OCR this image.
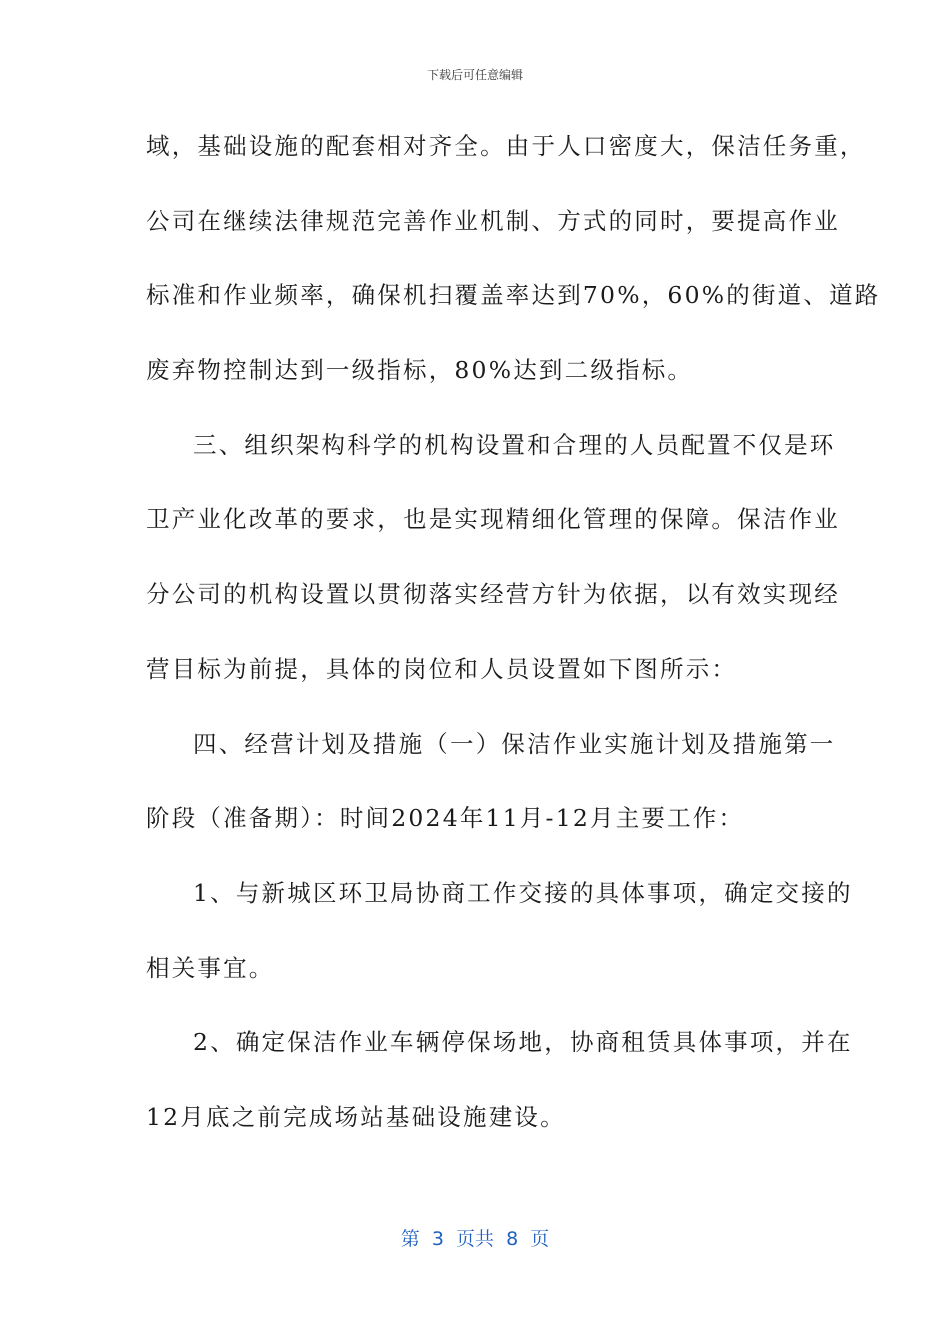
下载后可任意编辑
域，基础设施的配套相对齐全。由于人口密度大，保洁任务重，
公司在继续法律规范完善作业机制、方式的同时，要提高作业
标准和作业频率，确保机扫覆盖率达到70%，60%的街道、道路
废弃物控制达到一级指标，80%达到二级指标。
三、组织架构科学的机构设置和合理的人员配置不仅是环
卫产业化改革的要求，也是实现精细化管理的保障。保洁作业
分公司的机构设置以贯彻落实经营方针为依据，以有效实现经
营目标为前提，具体的岗位和人员设置如下图所示：
四、经营计划及措施（一）保洁作业实施计划及措施第一
阶段（准备期）：时间2024年11月-12月主要工作：
1、与新城区环卫局协商工作交接的具体事项，确定交接的
相关事宜。
2、确定保洁作业车辆停保场地，协商租赁具体事项，并在
12月底之前完成场站基础设施建设。
第  3  页共  8  页
